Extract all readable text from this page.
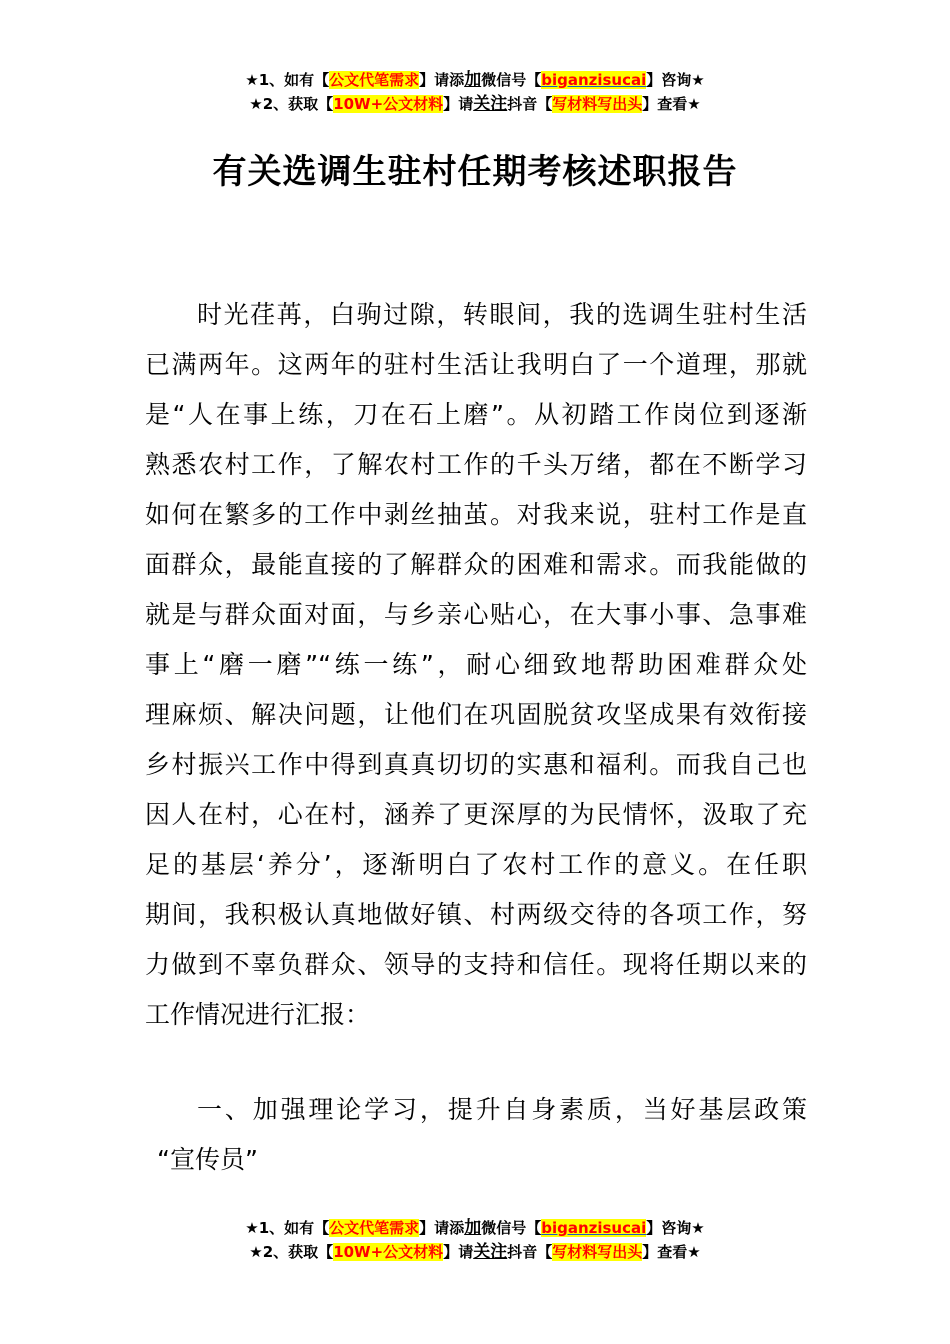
★1、如有【公文代笔需求】请添加微信号【biganzisucai】咨询★
★2、获取【10W+公文材料】请关注抖音【写材料写出头】查看★
有关选调生驻村任期考核述职报告
时光荏苒，白驹过隙，转眼间，我的选调生驻村生活
已满两年。这两年的驻村生活让我明白了一个道理，那就
是“人在事上练，刀在石上磨”。从初踏工作岗位到逐渐
熟悉农村工作，了解农村工作的千头万绪，都在不断学习
如何在繁多的工作中剥丝抽茧。对我来说，驻村工作是直
面群众，最能直接的了解群众的困难和需求。而我能做的
就是与群众面对面，与乡亲心贴心，在大事小事、急事难
事上“磨一磨”“练一练”，耐心细致地帮助困难群众处
理麻烦、解决问题，让他们在巩固脱贫攻坚成果有效衔接
乡村振兴工作中得到真真切切的实惠和福利。而我自己也
因人在村，心在村，涵养了更深厚的为民情怀，汲取了充
足的基层‘养分’，逐渐明白了农村工作的意义。在任职
期间，我积极认真地做好镇、村两级交待的各项工作，努
力做到不辜负群众、领导的支持和信任。现将任期以来的
工作情况进行汇报：
一、加强理论学习，提升自身素质，当好基层政策
“宣传员”
★1、如有【公文代笔需求】请添加微信号【biganzisucai】咨询★
★2、获取【10W+公文材料】请关注抖音【写材料写出头】查看★
